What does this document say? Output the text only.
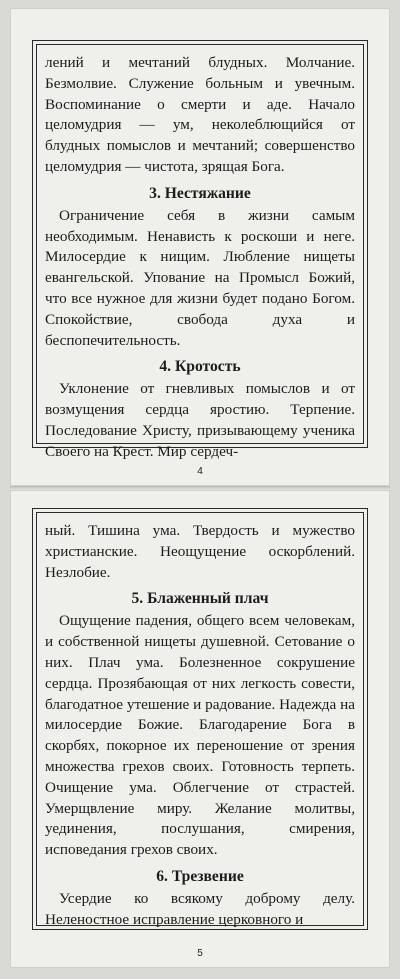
лений и мечтаний блудных. Молчание. Безмолвие. Служение больным и увечным. Воспоминание о смерти и аде. Начало целомудрия — ум, неколеблющийся от блудных помыслов и мечтаний; совершенство целомудрия — чистота, зрящая Бога.

3. Нестяжание

Ограничение себя в жизни самым необходимым. Ненависть к роскоши и неге. Милосердие к нищим. Любление нищеты евангельской. Упование на Промысл Божий, что все нужное для жизни будет подано Богом. Спокойствие, свобода духа и беспопечительность.

4. Кротость

Уклонение от гневливых помыслов и от возмущения сердца яростию. Терпение. Последование Христу, призывающему ученика Своего на Крест. Мир сердеч-

4

ный. Тишина ума. Твердость и мужество христианские. Неощущение оскорблений. Незлобие.

5. Блаженный плач

Ощущение падения, общего всем человекам, и собственной нищеты душевной. Сетование о них. Плач ума. Болезненное сокрушение сердца. Прозябающая от них легкость совести, благодатное утешение и радование. Надежда на милосердие Божие. Благодарение Бога в скорбях, покорное их переношение от зрения множества грехов своих. Готовность терпеть. Очищение ума. Облегчение от страстей. Умерщвление миру. Желание молитвы, уединения, послушания, смирения, исповедания грехов своих.

6. Трезвение

Усердие ко всякому доброму делу. Неленостное исправление церковного и

5
